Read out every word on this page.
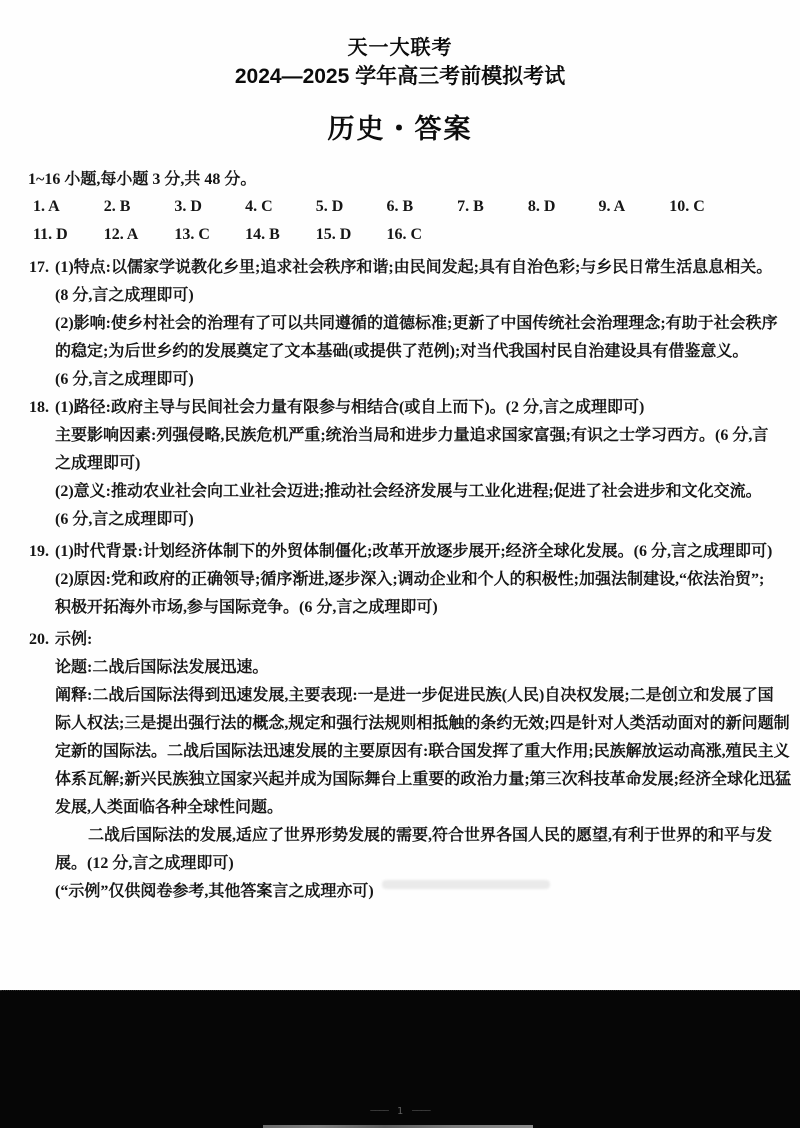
天一大联考
2024—2025 学年高三考前模拟考试
历史・答案
1~16 小题,每小题 3 分,共 48 分。
1. A	2. B	3. D	4. C	5. D	6. B	7. B	8. D	9. A	10. C
11. D	12. A	13. C	14. B	15. D	16. C
17. (1)特点:以儒家学说教化乡里;追求社会秩序和谐;由民间发起;具有自治色彩;与乡民日常生活息息相关。
(8 分,言之成理即可)
(2)影响:使乡村社会的治理有了可以共同遵循的道德标准;更新了中国传统社会治理理念;有助于社会秩序
的稳定;为后世乡约的发展奠定了文本基础(或提供了范例);对当代我国村民自治建设具有借鉴意义。
(6 分,言之成理即可)
18. (1)路径:政府主导与民间社会力量有限参与相结合(或自上而下)。(2 分,言之成理即可)
主要影响因素:列强侵略,民族危机严重;统治当局和进步力量追求国家富强;有识之士学习西方。(6 分,言
之成理即可)
(2)意义:推动农业社会向工业社会迈进;推动社会经济发展与工业化进程;促进了社会进步和文化交流。
(6 分,言之成理即可)
19. (1)时代背景:计划经济体制下的外贸体制僵化;改革开放逐步展开;经济全球化发展。(6 分,言之成理即可)
(2)原因:党和政府的正确领导;循序渐进,逐步深入;调动企业和个人的积极性;加强法制建设,“依法治贸”;
积极开拓海外市场,参与国际竞争。(6 分,言之成理即可)
20. 示例:
论题:二战后国际法发展迅速。
阐释:二战后国际法得到迅速发展,主要表现:一是进一步促进民族(人民)自决权发展;二是创立和发展了国
际人权法;三是提出强行法的概念,规定和强行法规则相抵触的条约无效;四是针对人类活动面对的新问题制
定新的国际法。二战后国际法迅速发展的主要原因有:联合国发挥了重大作用;民族解放运动高涨,殖民主义
体系瓦解;新兴民族独立国家兴起并成为国际舞台上重要的政治力量;第三次科技革命发展;经济全球化迅猛
发展,人类面临各种全球性问题。
二战后国际法的发展,适应了世界形势发展的需要,符合世界各国人民的愿望,有利于世界的和平与发
展。(12 分,言之成理即可)
(“示例”仅供阅卷参考,其他答案言之成理亦可)
———— 1 ————
